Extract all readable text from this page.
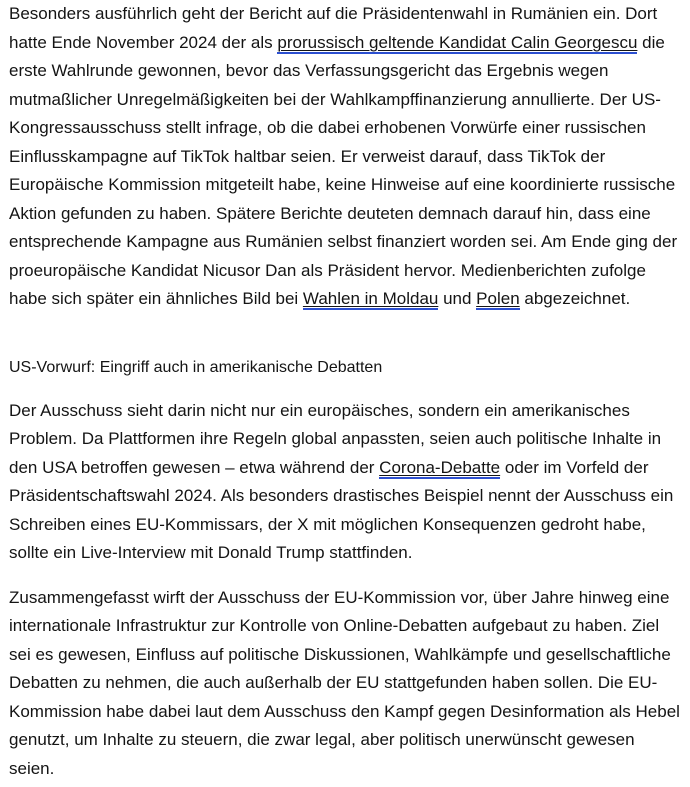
Besonders ausführlich geht der Bericht auf die Präsidentenwahl in Rumänien ein. Dort hatte Ende November 2024 der als prorussisch geltende Kandidat Calin Georgescu die erste Wahlrunde gewonnen, bevor das Verfassungsgericht das Ergebnis wegen mutmaßlicher Unregelmäßigkeiten bei der Wahlkampffinanzierung annullierte. Der US-Kongressausschuss stellt infrage, ob die dabei erhobenen Vorwürfe einer russischen Einflusskampagne auf TikTok haltbar seien. Er verweist darauf, dass TikTok der Europäische Kommission mitgeteilt habe, keine Hinweise auf eine koordinierte russische Aktion gefunden zu haben. Spätere Berichte deuteten demnach darauf hin, dass eine entsprechende Kampagne aus Rumänien selbst finanziert worden sei. Am Ende ging der proeuropäische Kandidat Nicusor Dan als Präsident hervor. Medienberichten zufolge habe sich später ein ähnliches Bild bei Wahlen in Moldau und Polen abgezeichnet.

US-Vorwurf: Eingriff auch in amerikanische Debatten

Der Ausschuss sieht darin nicht nur ein europäisches, sondern ein amerikanisches Problem. Da Plattformen ihre Regeln global anpassten, seien auch politische Inhalte in den USA betroffen gewesen – etwa während der Corona-Debatte oder im Vorfeld der Präsidentschaftswahl 2024. Als besonders drastisches Beispiel nennt der Ausschuss ein Schreiben eines EU-Kommissars, der X mit möglichen Konsequenzen gedroht habe, sollte ein Live-Interview mit Donald Trump stattfinden.

Zusammengefasst wirft der Ausschuss der EU-Kommission vor, über Jahre hinweg eine internationale Infrastruktur zur Kontrolle von Online-Debatten aufgebaut zu haben. Ziel sei es gewesen, Einfluss auf politische Diskussionen, Wahlkämpfe und gesellschaftliche Debatten zu nehmen, die auch außerhalb der EU stattgefunden haben sollen. Die EU-Kommission habe dabei laut dem Ausschuss den Kampf gegen Desinformation als Hebel genutzt, um Inhalte zu steuern, die zwar legal, aber politisch unerwünscht gewesen seien.
